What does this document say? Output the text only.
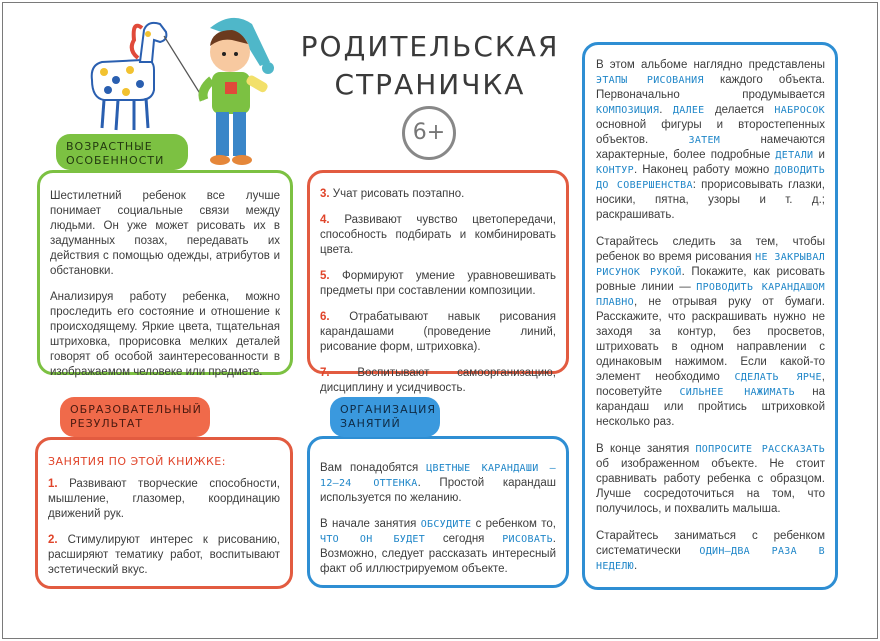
РОДИТЕЛЬСКАЯ
СТРАНИЧКА
6+

Шестилетний ребенок все лучше понимает социальные связи между людьми. Он уже может рисовать их в задуманных позах, передавать их действия с помощью одежды, атрибутов и обстановки.

Анализируя работу ребенка, можно проследить его состояние и отношение к происходящему. Яркие цвета, тщательная штриховка, прорисовка мелких деталей говорят об особой заинтересованности в изображаемом человеке или предмете.

ВОЗРАСТНЫЕ
ОСОБЕННОСТИ

3. Учат рисовать поэтапно.

4. Развивают чувство цветопередачи, способность подбирать и комбинировать цвета.

5. Формируют умение уравновешивать предметы при составлении композиции.

6. Отрабатывают навык рисования карандашами (проведение линий, рисование форм, штриховка).

7. Воспитывают самоорганизацию, дисциплину и усидчивость.

ЗАНЯТИЯ ПО ЭТОЙ КНИЖКЕ:

1. Развивают творческие способности, мышление, глазомер, координацию движений рук.

2. Стимулируют интерес к рисованию, расширяют тематику работ, воспитывают эстетический вкус.

ОБРАЗОВАТЕЛЬНЫЙ
РЕЗУЛЬТАТ

Вам понадобятся ЦВЕТНЫЕ КАРАНДАШИ — 12–24 ОТТЕНКА. Простой карандаш используется по желанию.

В начале занятия ОБСУДИТЕ с ребенком то, ЧТО ОН БУДЕТ сегодня РИСОВАТЬ. Возможно, следует рассказать интересный факт об иллюстрируемом объекте.

ОРГАНИЗАЦИЯ
ЗАНЯТИЙ

В этом альбоме наглядно представлены ЭТАПЫ РИСОВАНИЯ каждого объекта. Первоначально продумывается КОМПОЗИЦИЯ. ДАЛЕЕ делается НАБРОСОК основной фигуры и второстепенных объектов. ЗАТЕМ намечаются характерные, более подробные ДЕТАЛИ и КОНТУР. Наконец работу можно ДОВОДИТЬ ДО СОВЕРШЕНСТВА: прорисовывать глазки, носики, пятна, узоры и т. д.; раскрашивать.

Старайтесь следить за тем, чтобы ребенок во время рисования НЕ ЗАКРЫВАЛ РИСУНОК РУКОЙ. Покажите, как рисовать ровные линии — ПРОВОДИТЬ КАРАНДАШОМ ПЛАВНО, не отрывая руку от бумаги. Расскажите, что раскрашивать нужно не заходя за контур, без просветов, штриховать в одном направлении с одинаковым нажимом. Если какой-то элемент необходимо СДЕЛАТЬ ЯРЧЕ, посоветуйте СИЛЬНЕЕ НАЖИМАТЬ на карандаш или пройтись штриховкой несколько раз.

В конце занятия ПОПРОСИТЕ РАССКАЗАТЬ об изображенном объекте. Не стоит сравнивать работу ребенка с образцом. Лучше сосредоточиться на том, что получилось, и похвалить малыша.

Старайтесь заниматься с ребенком систематически ОДИН–ДВА РАЗА В НЕДЕЛЮ.
